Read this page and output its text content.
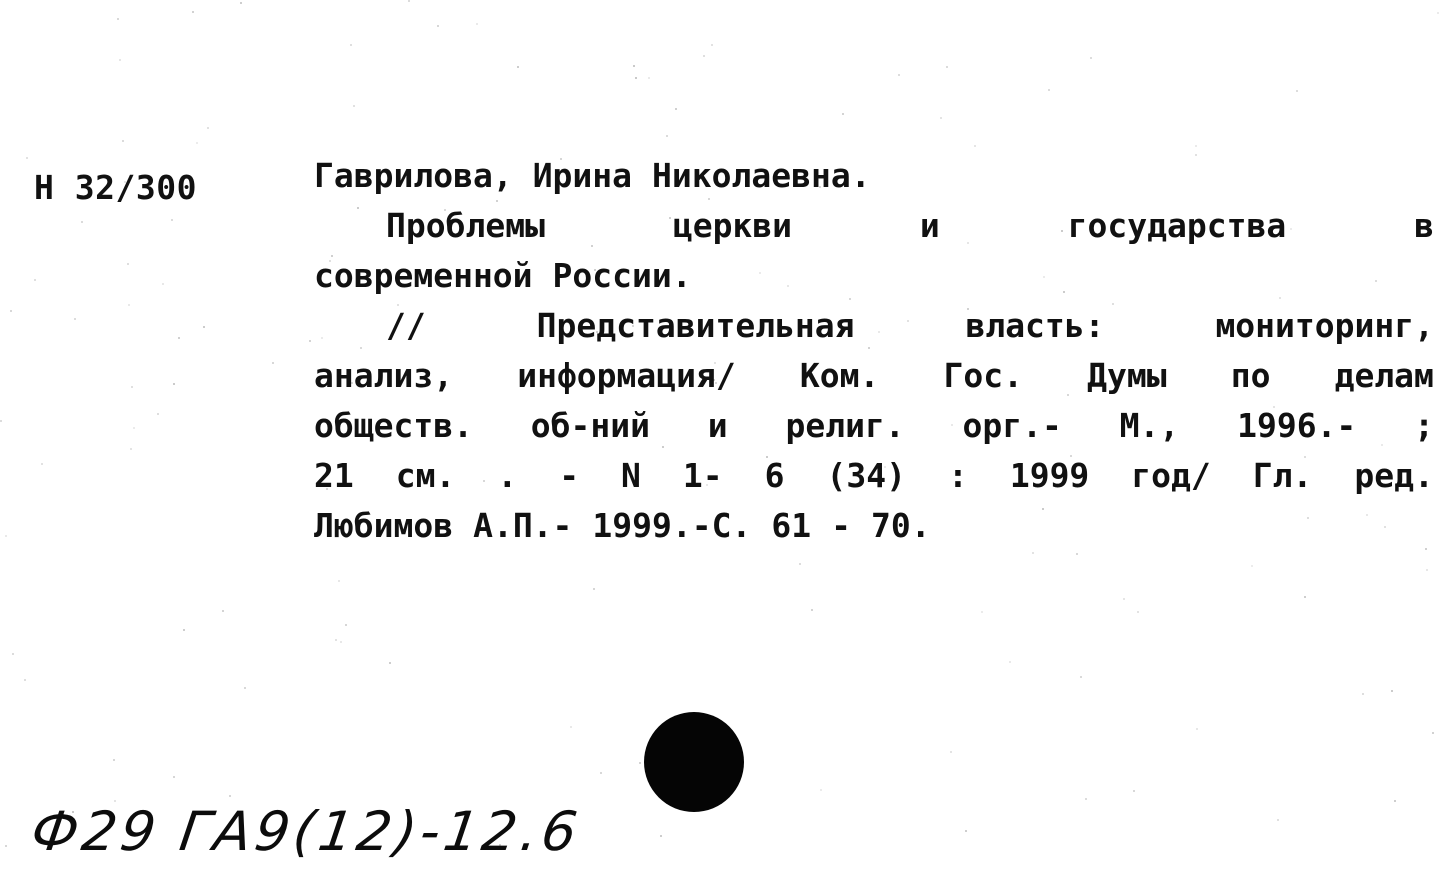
Н 32/300	Гаврилова, Ирина Николаевна.
Проблемы	церкви	и	государства	в
современной России.
//	Представительная	власть:	мониторинг,
анализ, информация/ Ком. Гос. Думы по делам
обществ. об-ний и религ. орг.- М., 1996.- ;
21 см. . - N 1- 6 (34) : 1999 год/ Гл. ред.
Любимов А.П.- 1999.-С. 61 - 70.
Ф29 ГА9(12)-12.6
